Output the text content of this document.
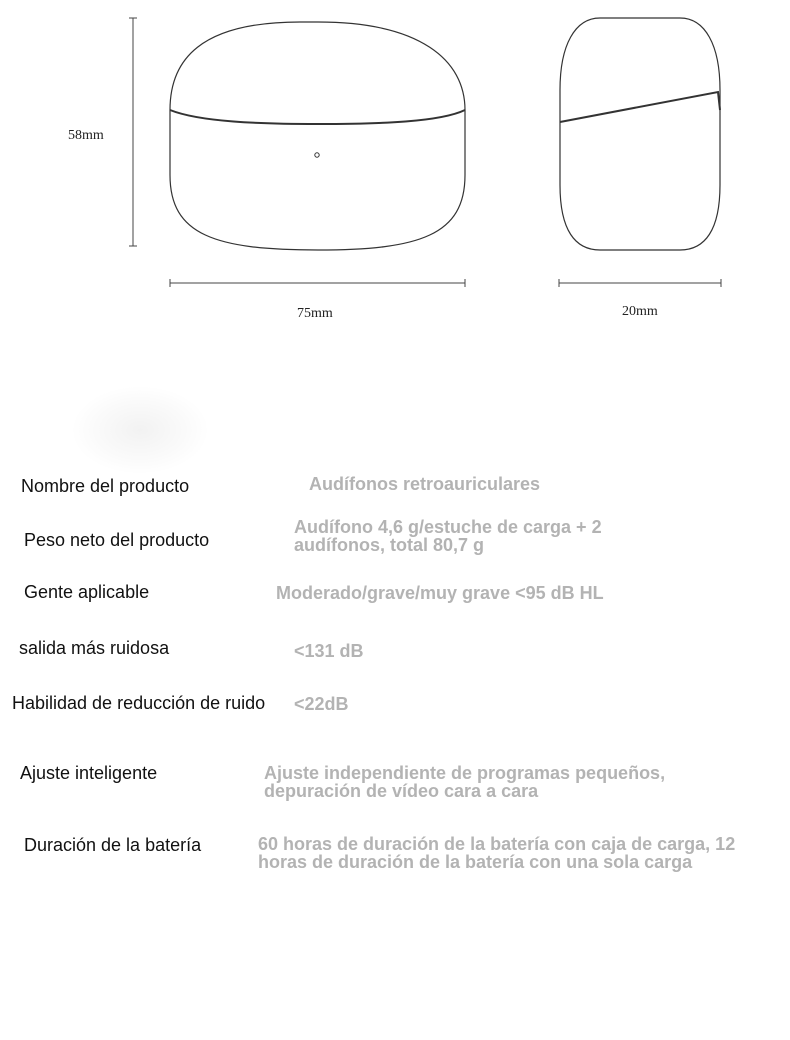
58mm
75mm	20mm
Nombre del producto	Audífonos retroauriculares
Peso neto del producto
Audífono 4,6 g/estuche de carga + 2 audífonos, total 80,7 g
Gente aplicable	Moderado/grave/muy grave <95 dB HL
salida más ruidosa	<131 dB
Habilidad de reducción de ruido <22dB
Ajuste inteligente	Ajuste independiente de programas pequeños, depuración de vídeo cara a cara
Duración de la batería	60 horas de duración de la batería con caja de carga, 12 horas de duración de la batería con una sola carga
